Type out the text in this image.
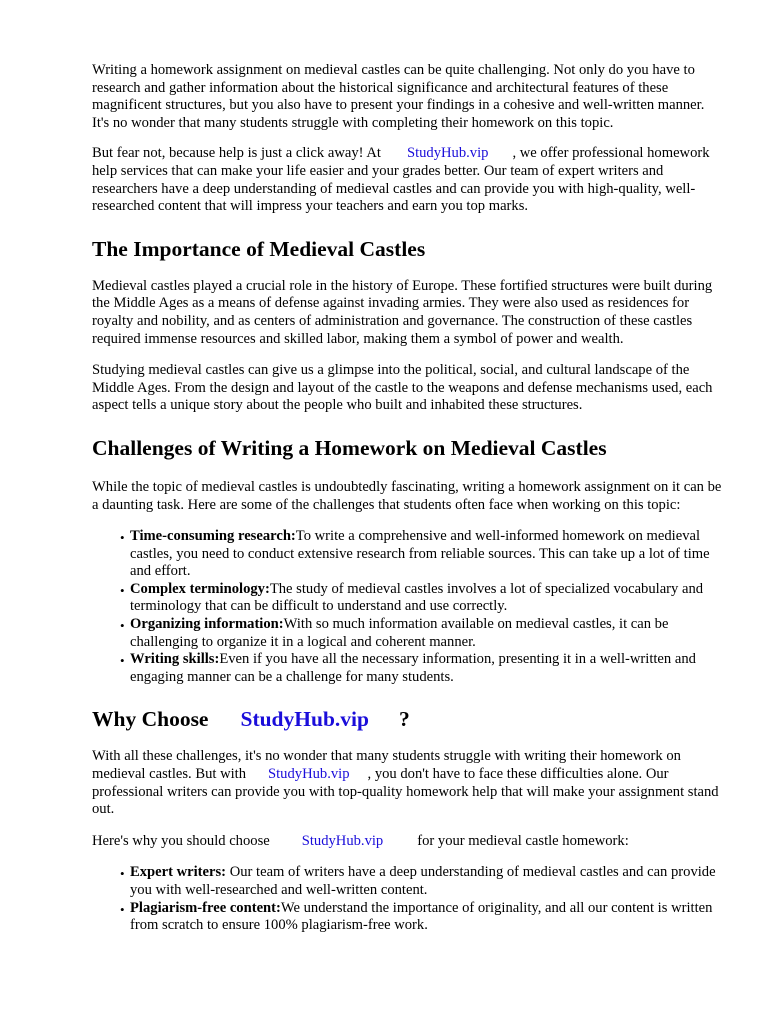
Writing a homework assignment on medieval castles can be quite challenging. Not only do you have to research and gather information about the historical significance and architectural features of these magnificent structures, but you also have to present your findings in a cohesive and well-written manner. It's no wonder that many students struggle with completing their homework on this topic.

But fear not, because help is just a click away! At StudyHub.vip , we offer professional homework help services that can make your life easier and your grades better. Our team of expert writers and researchers have a deep understanding of medieval castles and can provide you with high-quality, well-researched content that will impress your teachers and earn you top marks.

The Importance of Medieval Castles

Medieval castles played a crucial role in the history of Europe. These fortified structures were built during the Middle Ages as a means of defense against invading armies. They were also used as residences for royalty and nobility, and as centers of administration and governance. The construction of these castles required immense resources and skilled labor, making them a symbol of power and wealth.

Studying medieval castles can give us a glimpse into the political, social, and cultural landscape of the Middle Ages. From the design and layout of the castle to the weapons and defense mechanisms used, each aspect tells a unique story about the people who built and inhabited these structures.

Challenges of Writing a Homework on Medieval Castles

While the topic of medieval castles is undoubtedly fascinating, writing a homework assignment on it can be a daunting task. Here are some of the challenges that students often face when working on this topic:

• Time-consuming research:To write a comprehensive and well-informed homework on medieval castles, you need to conduct extensive research from reliable sources. This can take up a lot of time and effort.
• Complex terminology:The study of medieval castles involves a lot of specialized vocabulary and terminology that can be difficult to understand and use correctly.
• Organizing information:With so much information available on medieval castles, it can be challenging to organize it in a logical and coherent manner.
• Writing skills:Even if you have all the necessary information, presenting it in a well-written and engaging manner can be a challenge for many students.
Why Choose StudyHub.vip ?

With all these challenges, it's no wonder that many students struggle with writing their homework on medieval castles. But with StudyHub.vip , you don't have to face these difficulties alone. Our professional writers can provide you with top-quality homework help that will make your assignment stand out.

Here's why you should choose StudyHub.vip for your medieval castle homework:

• Expert writers: Our team of writers have a deep understanding of medieval castles and can provide you with well-researched and well-written content.
• Plagiarism-free content:We understand the importance of originality, and all our content is written from scratch to ensure 100% plagiarism-free work.
